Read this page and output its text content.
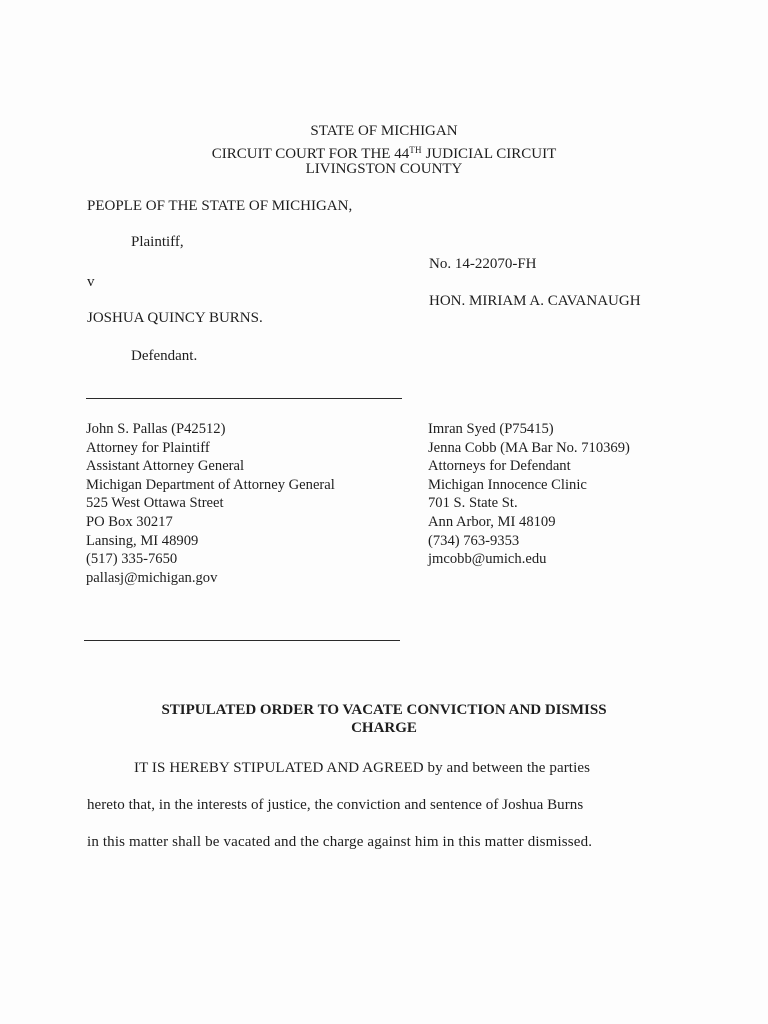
STATE OF MICHIGAN
CIRCUIT COURT FOR THE 44TH JUDICIAL CIRCUIT
LIVINGSTON COUNTY
PEOPLE OF THE STATE OF MICHIGAN,
Plaintiff,
v
JOSHUA QUINCY BURNS.
Defendant.
No. 14-22070-FH
HON. MIRIAM A. CAVANAUGH
John S. Pallas (P42512)
Attorney for Plaintiff
Assistant Attorney General
Michigan Department of Attorney General
525 West Ottawa Street
PO Box 30217
Lansing, MI 48909
(517) 335-7650
pallasj@michigan.gov
Imran Syed (P75415)
Jenna Cobb (MA Bar No. 710369)
Attorneys for Defendant
Michigan Innocence Clinic
701 S. State St.
Ann Arbor, MI 48109
(734) 763-9353
jmcobb@umich.edu
STIPULATED ORDER TO VACATE CONVICTION AND DISMISS
CHARGE
IT IS HEREBY STIPULATED AND AGREED by and between the parties
hereto that, in the interests of justice, the conviction and sentence of Joshua Burns
in this matter shall be vacated and the charge against him in this matter dismissed.
